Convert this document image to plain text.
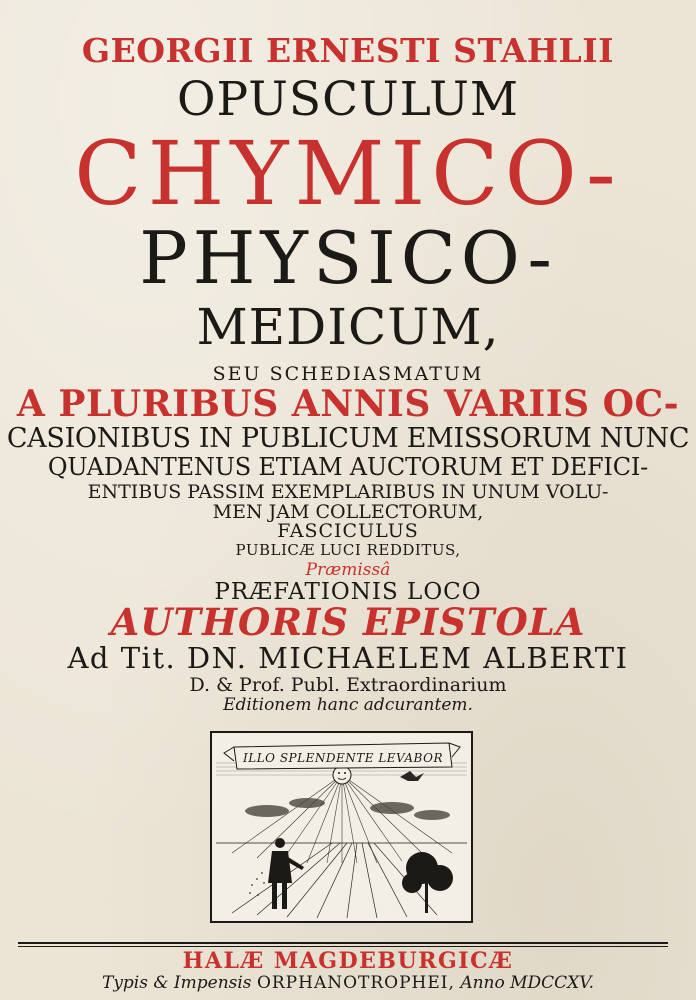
GEORGII ERNESTI STAHLII
OPUSCULUM
CHYMICO-
PHYSICO-
MEDICUM,
SEU SCHEDIASMATUM
A PLURIBUS ANNIS VARIIS OC-
CASIONIBUS IN PUBLICUM EMISSORUM NUNC
QUADANTENUS ETIAM AUCTORUM ET DEFICI-
ENTIBUS PASSIM EXEMPLARIBUS IN UNUM VOLU-
MEN JAM COLLECTORUM,
FASCICULUS
PUBLICÆ LUCI REDDITUS,
Præmissâ
PRÆFATIONIS LOCO
AUTHORIS EPISTOLA
Ad Tit. DN. MICHAELEM ALBERTI
D. & Prof. Publ. Extraordinarium
Editionem hanc adcurantem.
ILLO SPLENDENTE LEVABOR
HALÆ MAGDEBURGICÆ
Typis & Impensis ORPHANOTROPHEI, Anno MDCCXV.
